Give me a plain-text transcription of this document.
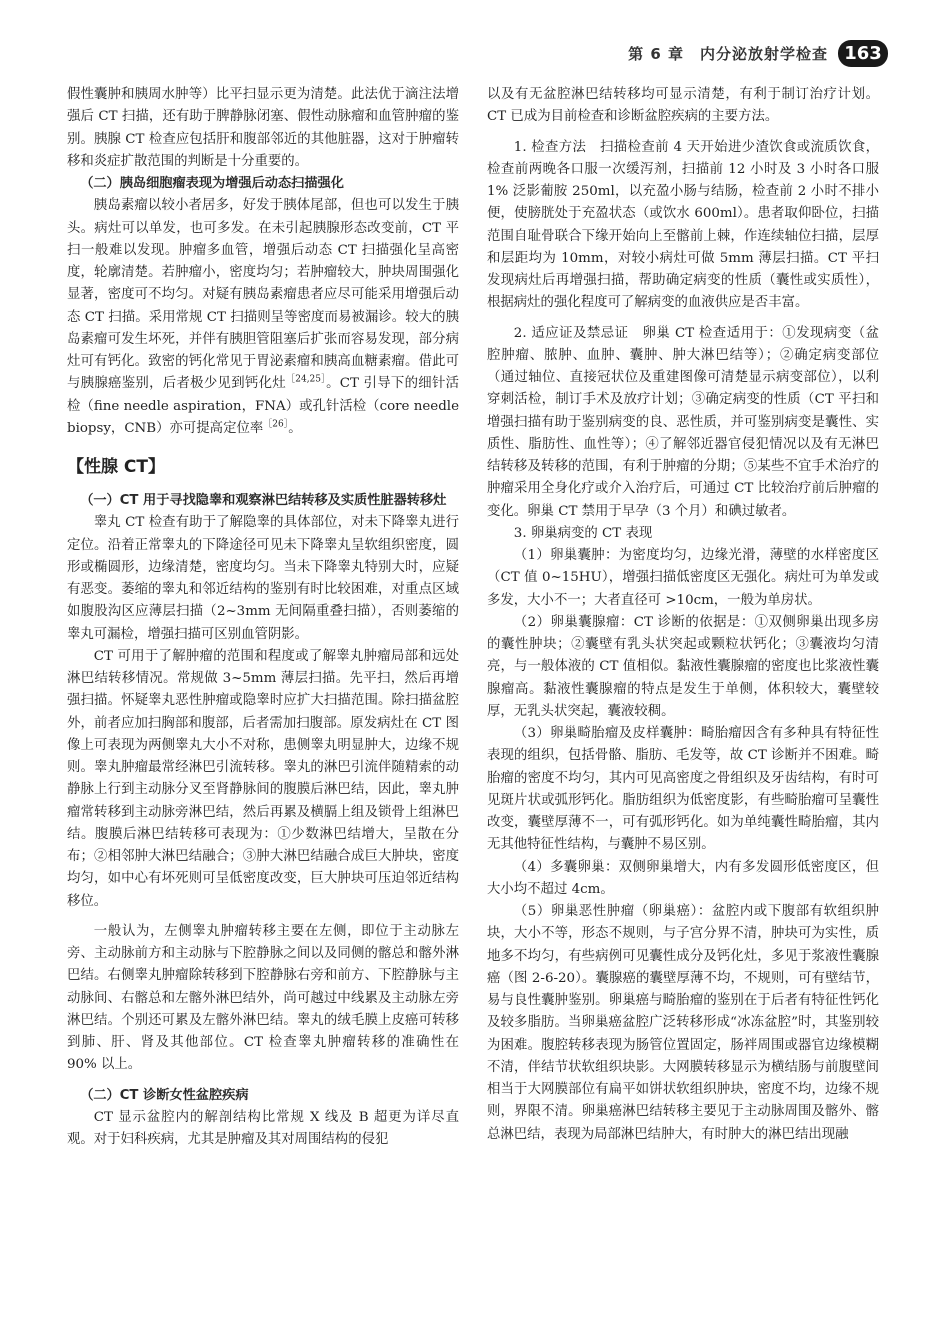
第 6 章　内分泌放射学检查 163

假性囊肿和胰周水肿等）比平扫显示更为清楚。此法优于滴注法增强后 CT 扫描，还有助于脾静脉闭塞、假性动脉瘤和血管肿瘤的鉴别。胰腺 CT 检查应包括肝和腹部邻近的其他脏器，这对于肿瘤转移和炎症扩散范围的判断是十分重要的。

（二）胰岛细胞瘤表现为增强后动态扫描强化

胰岛素瘤以较小者居多，好发于胰体尾部，但也可以发生于胰头。病灶可以单发，也可多发。在未引起胰腺形态改变前，CT 平扫一般难以发现。肿瘤多血管，增强后动态 CT 扫描强化呈高密度，轮廓清楚。若肿瘤小，密度均匀；若肿瘤较大，肿块周围强化显著，密度可不均匀。对疑有胰岛素瘤患者应尽可能采用增强后动态 CT 扫描。采用常规 CT 扫描则呈等密度而易被漏诊。较大的胰岛素瘤可发生坏死，并伴有胰胆管阻塞后扩张而容易发现，部分病灶可有钙化。致密的钙化常见于胃泌素瘤和胰高血糖素瘤。借此可与胰腺癌鉴别，后者极少见到钙化灶$^{[24,25]}$。CT 引导下的细针活检（fine needle aspiration，FNA）或孔针活检（core needle biopsy，CNB）亦可提高定位率$^{[26]}$。

【性腺 CT】
（一）CT 用于寻找隐睾和观察淋巴结转移及实质性脏器转移灶

睾丸 CT 检查有助于了解隐睾的具体部位，对未下降睾丸进行定位。沿着正常睾丸的下降途径可见未下降睾丸呈软组织密度，圆形或椭圆形，边缘清楚，密度均匀。当未下降睾丸特别大时，应疑有恶变。萎缩的睾丸和邻近结构的鉴别有时比较困难，对重点区域如腹股沟区应薄层扫描（2~3mm 无间隔重叠扫描），否则萎缩的睾丸可漏检，增强扫描可区别血管阴影。

CT 可用于了解肿瘤的范围和程度或了解睾丸肿瘤局部和远处淋巴结转移情况。常规做 3~5mm 薄层扫描。先平扫，然后再增强扫描。怀疑睾丸恶性肿瘤或隐睾时应扩大扫描范围。除扫描盆腔外，前者应加扫胸部和腹部，后者需加扫腹部。原发病灶在 CT 图像上可表现为两侧睾丸大小不对称，患侧睾丸明显肿大，边缘不规则。睾丸肿瘤最常经淋巴引流转移。睾丸的淋巴引流伴随精索的动静脉上行到主动脉分叉至肾静脉间的腹膜后淋巴结，因此，睾丸肿瘤常转移到主动脉旁淋巴结，然后再累及横膈上组及锁骨上组淋巴结。腹膜后淋巴结转移可表现为：①少数淋巴结增大，呈散在分布；②相邻肿大淋巴结融合；③肿大淋巴结融合成巨大肿块，密度均匀，如中心有坏死则可呈低密度改变，巨大肿块可压迫邻近结构移位。

一般认为，左侧睾丸肿瘤转移主要在左侧，即位于主动脉左旁、主动脉前方和主动脉与下腔静脉之间以及同侧的髂总和髂外淋巴结。右侧睾丸肿瘤除转移到下腔静脉右旁和前方、下腔静脉与主动脉间、右髂总和左髂外淋巴结外，尚可越过中线累及主动脉左旁淋巴结。个别还可累及左髂外淋巴结。睾丸的绒毛膜上皮癌可转移到肺、肝、肾及其他部位。CT 检查睾丸肿瘤转移的准确性在 90% 以上。

（二）CT 诊断女性盆腔疾病

CT 显示盆腔内的解剖结构比常规 X 线及 B 超更为详尽直观。对于妇科疾病，尤其是肿瘤及其对周围结构的侵犯

以及有无盆腔淋巴结转移均可显示清楚，有利于制订治疗计划。CT 已成为目前检查和诊断盆腔疾病的主要方法。

1. 检查方法　扫描检查前 4 天开始进少渣饮食或流质饮食，检查前两晚各口服一次缓泻剂，扫描前 12 小时及 3 小时各口服 1% 泛影葡胺 250ml，以充盈小肠与结肠，检查前 2 小时不排小便，使膀胱处于充盈状态（或饮水 600ml）。患者取仰卧位，扫描范围自耻骨联合下缘开始向上至髂前上棘，作连续轴位扫描，层厚和层距均为 10mm，对较小病灶可做 5mm 薄层扫描。CT 平扫发现病灶后再增强扫描，帮助确定病变的性质（囊性或实质性），根据病灶的强化程度可了解病变的血液供应是否丰富。

2. 适应证及禁忌证　卵巢 CT 检查适用于：①发现病变（盆腔肿瘤、脓肿、血肿、囊肿、肿大淋巴结等）；②确定病变部位（通过轴位、直接冠状位及重建图像可清楚显示病变部位），以利穿刺活检，制订手术及放疗计划；③确定病变的性质（CT 平扫和增强扫描有助于鉴别病变的良、恶性质，并可鉴别病变是囊性、实质性、脂肪性、血性等）；④了解邻近器官侵犯情况以及有无淋巴结转移及转移的范围，有利于肿瘤的分期；⑤某些不宜手术治疗的肿瘤采用全身化疗或介入治疗后，可通过 CT 比较治疗前后肿瘤的变化。卵巢 CT 禁用于早孕（3 个月）和碘过敏者。

3. 卵巢病变的 CT 表现

（1）卵巢囊肿：为密度均匀，边缘光滑，薄壁的水样密度区（CT 值 0~15HU），增强扫描低密度区无强化。病灶可为单发或多发，大小不一；大者直径可 >10cm，一般为单房状。

（2）卵巢囊腺瘤：CT 诊断的依据是：①双侧卵巢出现多房的囊性肿块；②囊壁有乳头状突起或颗粒状钙化；③囊液均匀清亮，与一般体液的 CT 值相似。黏液性囊腺瘤的密度也比浆液性囊腺瘤高。黏液性囊腺瘤的特点是发生于单侧，体积较大，囊壁较厚，无乳头状突起，囊液较稠。

（3）卵巢畸胎瘤及皮样囊肿：畸胎瘤因含有多种具有特征性表现的组织，包括骨骼、脂肪、毛发等，故 CT 诊断并不困难。畸胎瘤的密度不均匀，其内可见高密度之骨组织及牙齿结构，有时可见斑片状或弧形钙化。脂肪组织为低密度影，有些畸胎瘤可呈囊性改变，囊壁厚薄不一，可有弧形钙化。如为单纯囊性畸胎瘤，其内无其他特征性结构，与囊肿不易区别。

（4）多囊卵巢：双侧卵巢增大，内有多发圆形低密度区，但大小均不超过 4cm。

（5）卵巢恶性肿瘤（卵巢癌）：盆腔内或下腹部有软组织肿块，大小不等，形态不规则，与子宫分界不清，肿块可为实性，质地多不均匀，有些病例可见囊性成分及钙化灶，多见于浆液性囊腺癌（图 2-6-20）。囊腺癌的囊壁厚薄不均，不规则，可有壁结节，易与良性囊肿鉴别。卵巢癌与畸胎瘤的鉴别在于后者有特征性钙化及较多脂肪。当卵巢癌盆腔广泛转移形成“冰冻盆腔”时，其鉴别较为困难。腹腔转移表现为肠管位置固定，肠袢周围或器官边缘模糊不清，伴结节状软组织块影。大网膜转移显示为横结肠与前腹壁间相当于大网膜部位有扁平如饼状软组织肿块，密度不均，边缘不规则，界限不清。卵巢癌淋巴结转移主要见于主动脉周围及髂外、髂总淋巴结，表现为局部淋巴结肿大，有时肿大的淋巴结出现融
